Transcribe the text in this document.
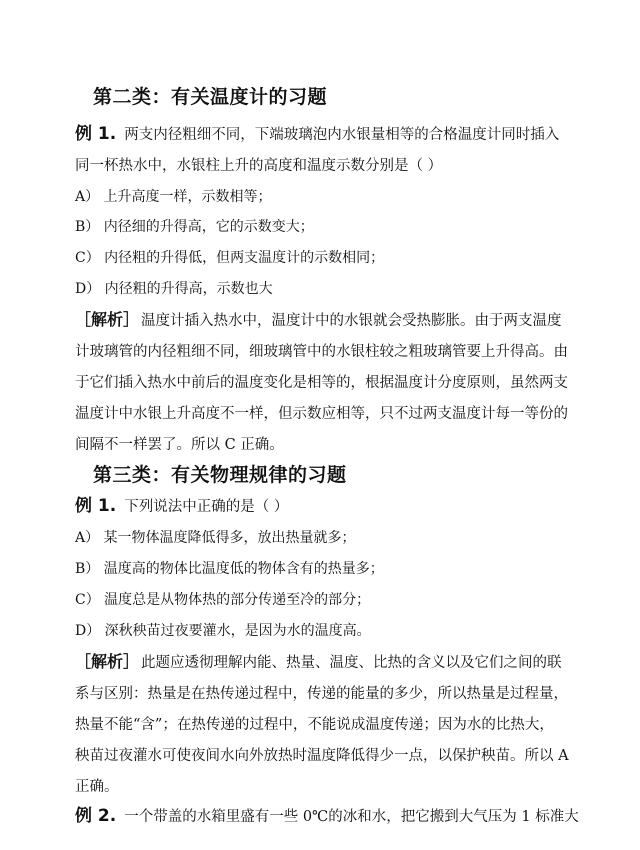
第二类：有关温度计的习题
例 1. 两支内径粗细不同，下端玻璃泡内水银量相等的合格温度计同时插入
同一杯热水中，水银柱上升的高度和温度示数分别是（ ）
A） 上升高度一样，示数相等；
B） 内径细的升得高，它的示数变大；
C） 内径粗的升得低，但两支温度计的示数相同；
D） 内径粗的升得高，示数也大
［解析］ 温度计插入热水中，温度计中的水银就会受热膨胀。由于两支温度
计玻璃管的内径粗细不同，细玻璃管中的水银柱较之粗玻璃管要上升得高。由
于它们插入热水中前后的温度变化是相等的，根据温度计分度原则，虽然两支
温度计中水银上升高度不一样，但示数应相等，只不过两支温度计每一等份的
间隔不一样罢了。所以 C 正确。
第三类：有关物理规律的习题
例 1. 下列说法中正确的是（ ）
A） 某一物体温度降低得多，放出热量就多；
B） 温度高的物体比温度低的物体含有的热量多；
C） 温度总是从物体热的部分传递至冷的部分；
D） 深秋秧苗过夜要灌水，是因为水的温度高。
［解析］ 此题应透彻理解内能、热量、温度、比热的含义以及它们之间的联
系与区别：热量是在热传递过程中，传递的能量的多少，所以热量是过程量，
热量不能“含”；在热传递的过程中，不能说成温度传递；因为水的比热大，
秧苗过夜灌水可使夜间水向外放热时温度降低得少一点，以保护秧苗。所以 A
正确。
例 2. 一个带盖的水箱里盛有一些 0℃的冰和水，把它搬到大气压为 1 标准大
